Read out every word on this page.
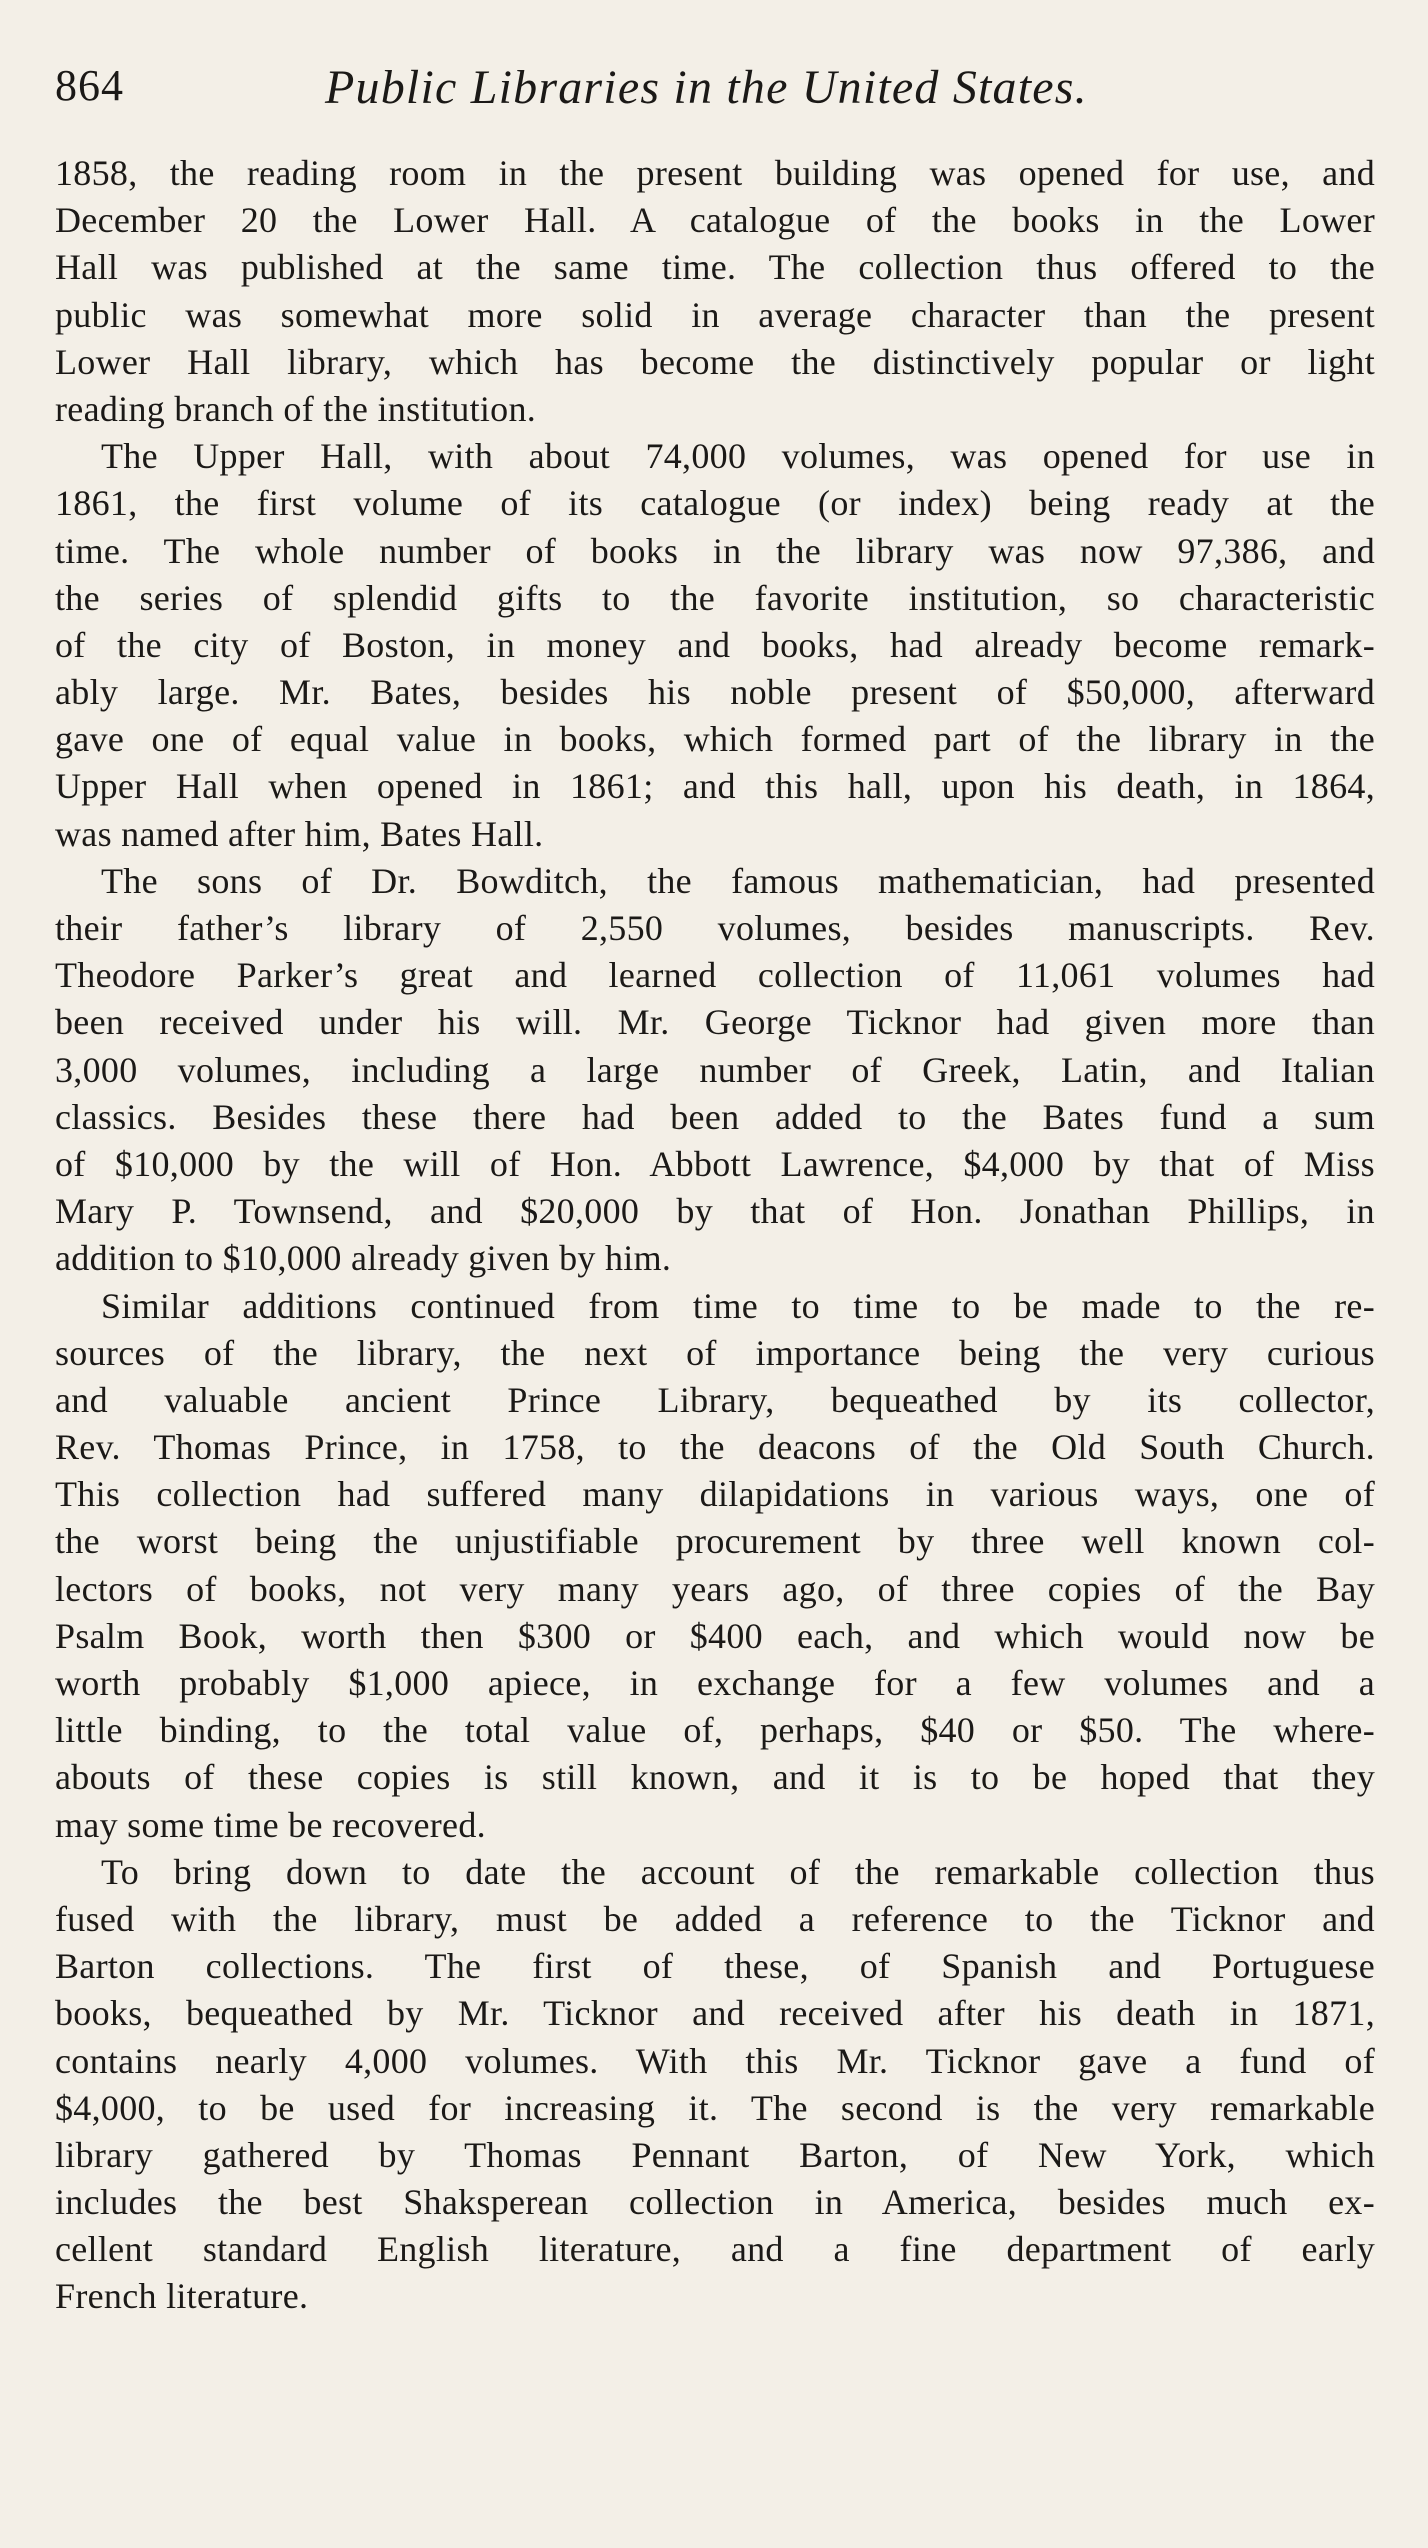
864	Public Libraries in the United States.
1858, the reading room in the present building was opened for use, and
December 20 the Lower Hall. A catalogue of the books in the Lower
Hall was published at the same time. The collection thus offered to the
public was somewhat more solid in average character than the present
Lower Hall library, which has become the distinctively popular or light
reading branch of the institution.
The Upper Hall, with about 74,000 volumes, was opened for use in
1861, the first volume of its catalogue (or index) being ready at the
time. The whole number of books in the library was now 97,386, and
the series of splendid gifts to the favorite institution, so characteristic
of the city of Boston, in money and books, had already become remark-
ably large. Mr. Bates, besides his noble present of $50,000, afterward
gave one of equal value in books, which formed part of the library in the
Upper Hall when opened in 1861; and this hall, upon his death, in 1864,
was named after him, Bates Hall.
The sons of Dr. Bowditch, the famous mathematician, had presented
their father’s library of 2,550 volumes, besides manuscripts. Rev.
Theodore Parker’s great and learned collection of 11,061 volumes had
been received under his will. Mr. George Ticknor had given more than
3,000 volumes, including a large number of Greek, Latin, and Italian
classics. Besides these there had been added to the Bates fund a sum
of $10,000 by the will of Hon. Abbott Lawrence, $4,000 by that of Miss
Mary P. Townsend, and $20,000 by that of Hon. Jonathan Phillips, in
addition to $10,000 already given by him.
Similar additions continued from time to time to be made to the re-
sources of the library, the next of importance being the very curious
and valuable ancient Prince Library, bequeathed by its collector,
Rev. Thomas Prince, in 1758, to the deacons of the Old South Church.
This collection had suffered many dilapidations in various ways, one of
the worst being the unjustifiable procurement by three well known col-
lectors of books, not very many years ago, of three copies of the Bay
Psalm Book, worth then $300 or $400 each, and which would now be
worth probably $1,000 apiece, in exchange for a few volumes and a
little binding, to the total value of, perhaps, $40 or $50. The where-
abouts of these copies is still known, and it is to be hoped that they
may some time be recovered.
To bring down to date the account of the remarkable collection thus
fused with the library, must be added a reference to the Ticknor and
Barton collections. The first of these, of Spanish and Portuguese
books, bequeathed by Mr. Ticknor and received after his death in 1871,
contains nearly 4,000 volumes. With this Mr. Ticknor gave a fund of
$4,000, to be used for increasing it. The second is the very remarkable
library gathered by Thomas Pennant Barton, of New York, which
includes the best Shaksperean collection in America, besides much ex-
cellent standard English literature, and a fine department of early
French literature.
